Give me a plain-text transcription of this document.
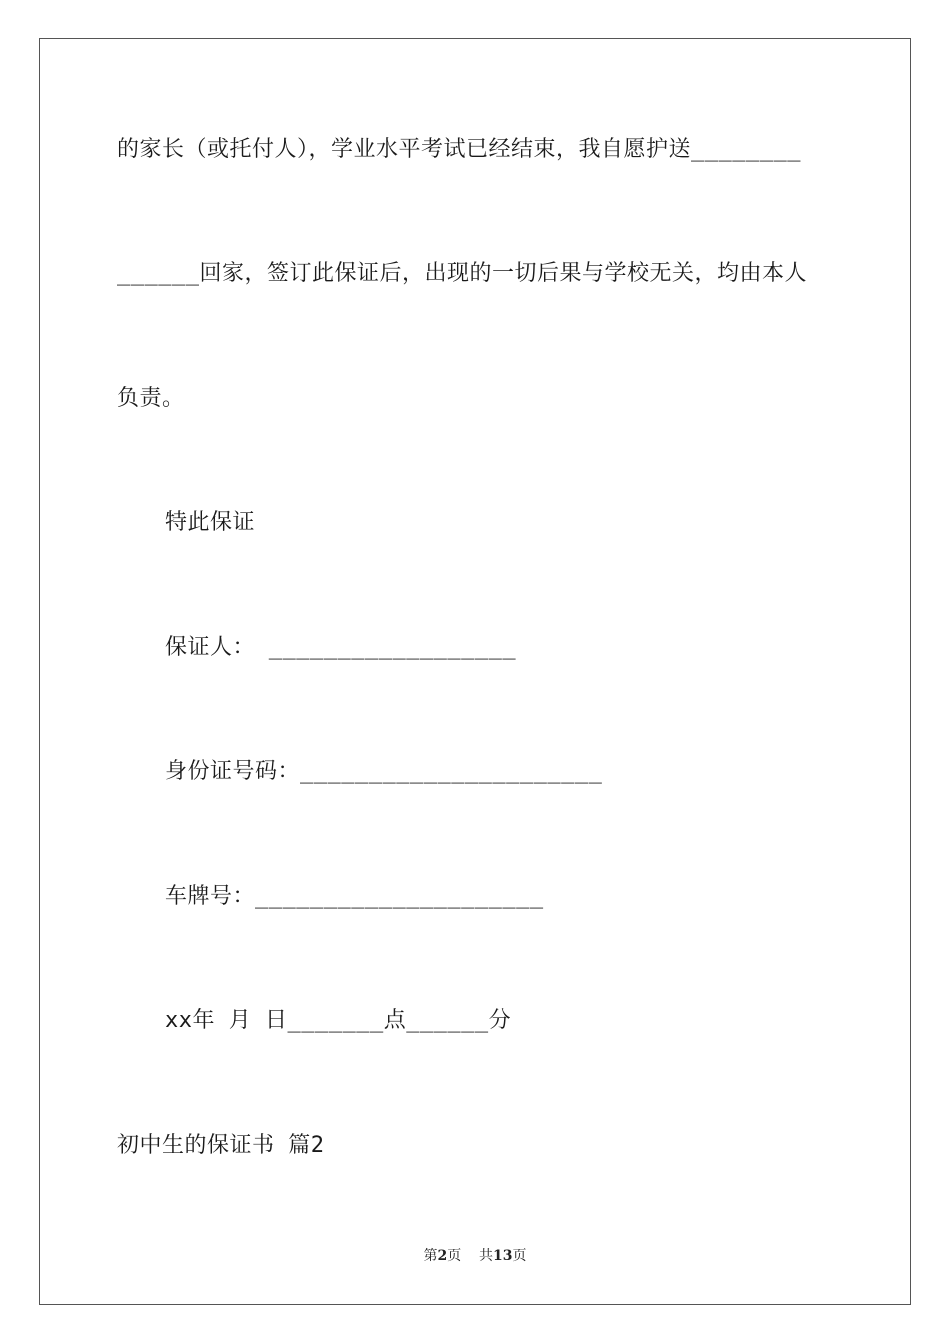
的家长（或托付人），学业水平考试已经结束，我自愿护送________
______回家，签订此保证后，出现的一切后果与学校无关，均由本人
负责。
特此保证
保证人： __________________
身份证号码：______________________
车牌号：_____________________
xx年 月 日_______点______分
初中生的保证书 篇2
第2页 共13页
